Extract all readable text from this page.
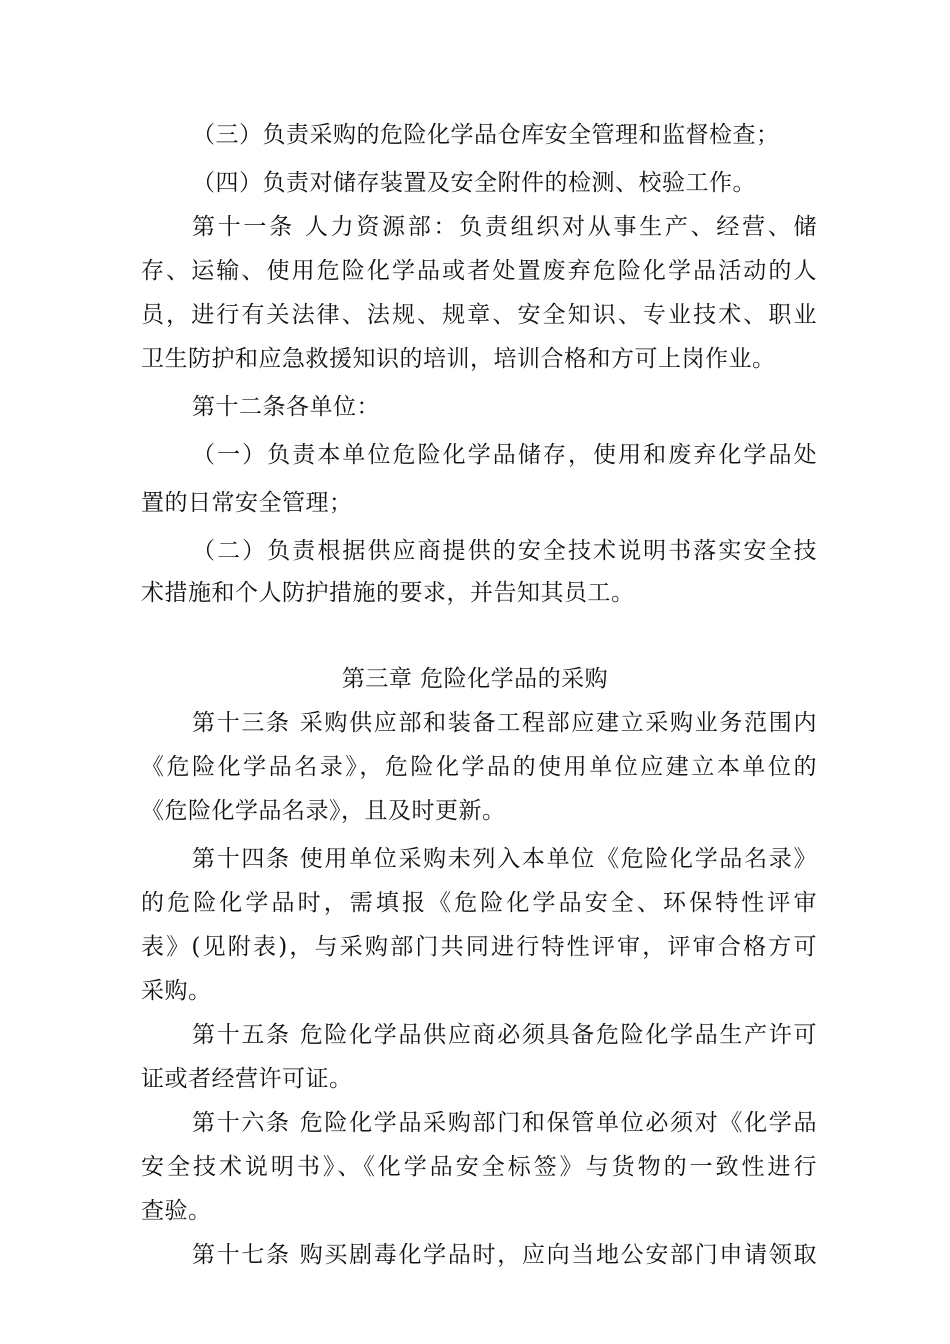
（三）负责采购的危险化学品仓库安全管理和监督检查；
（四）负责对储存装置及安全附件的检测、校验工作。
第十一条 人力资源部：负责组织对从事生产、经营、储
存、运输、使用危险化学品或者处置废弃危险化学品活动的人
员，进行有关法律、法规、规章、安全知识、专业技术、职业
卫生防护和应急救援知识的培训，培训合格和方可上岗作业。
第十二条各单位：
（一）负责本单位危险化学品储存，使用和废弃化学品处
置的日常安全管理；
（二）负责根据供应商提供的安全技术说明书落实安全技
术措施和个人防护措施的要求，并告知其员工。
第三章 危险化学品的采购
第十三条 采购供应部和装备工程部应建立采购业务范围内
《危险化学品名录》，危险化学品的使用单位应建立本单位的
《危险化学品名录》，且及时更新。
第十四条 使用单位采购未列入本单位《危险化学品名录》
的危险化学品时，需填报《危险化学品安全、环保特性评审
表》(见附表)，与采购部门共同进行特性评审，评审合格方可
采购。
第十五条 危险化学品供应商必须具备危险化学品生产许可
证或者经营许可证。
第十六条 危险化学品采购部门和保管单位必须对《化学品
安全技术说明书》、《化学品安全标签》与货物的一致性进行
查验。
第十七条 购买剧毒化学品时，应向当地公安部门申请领取
